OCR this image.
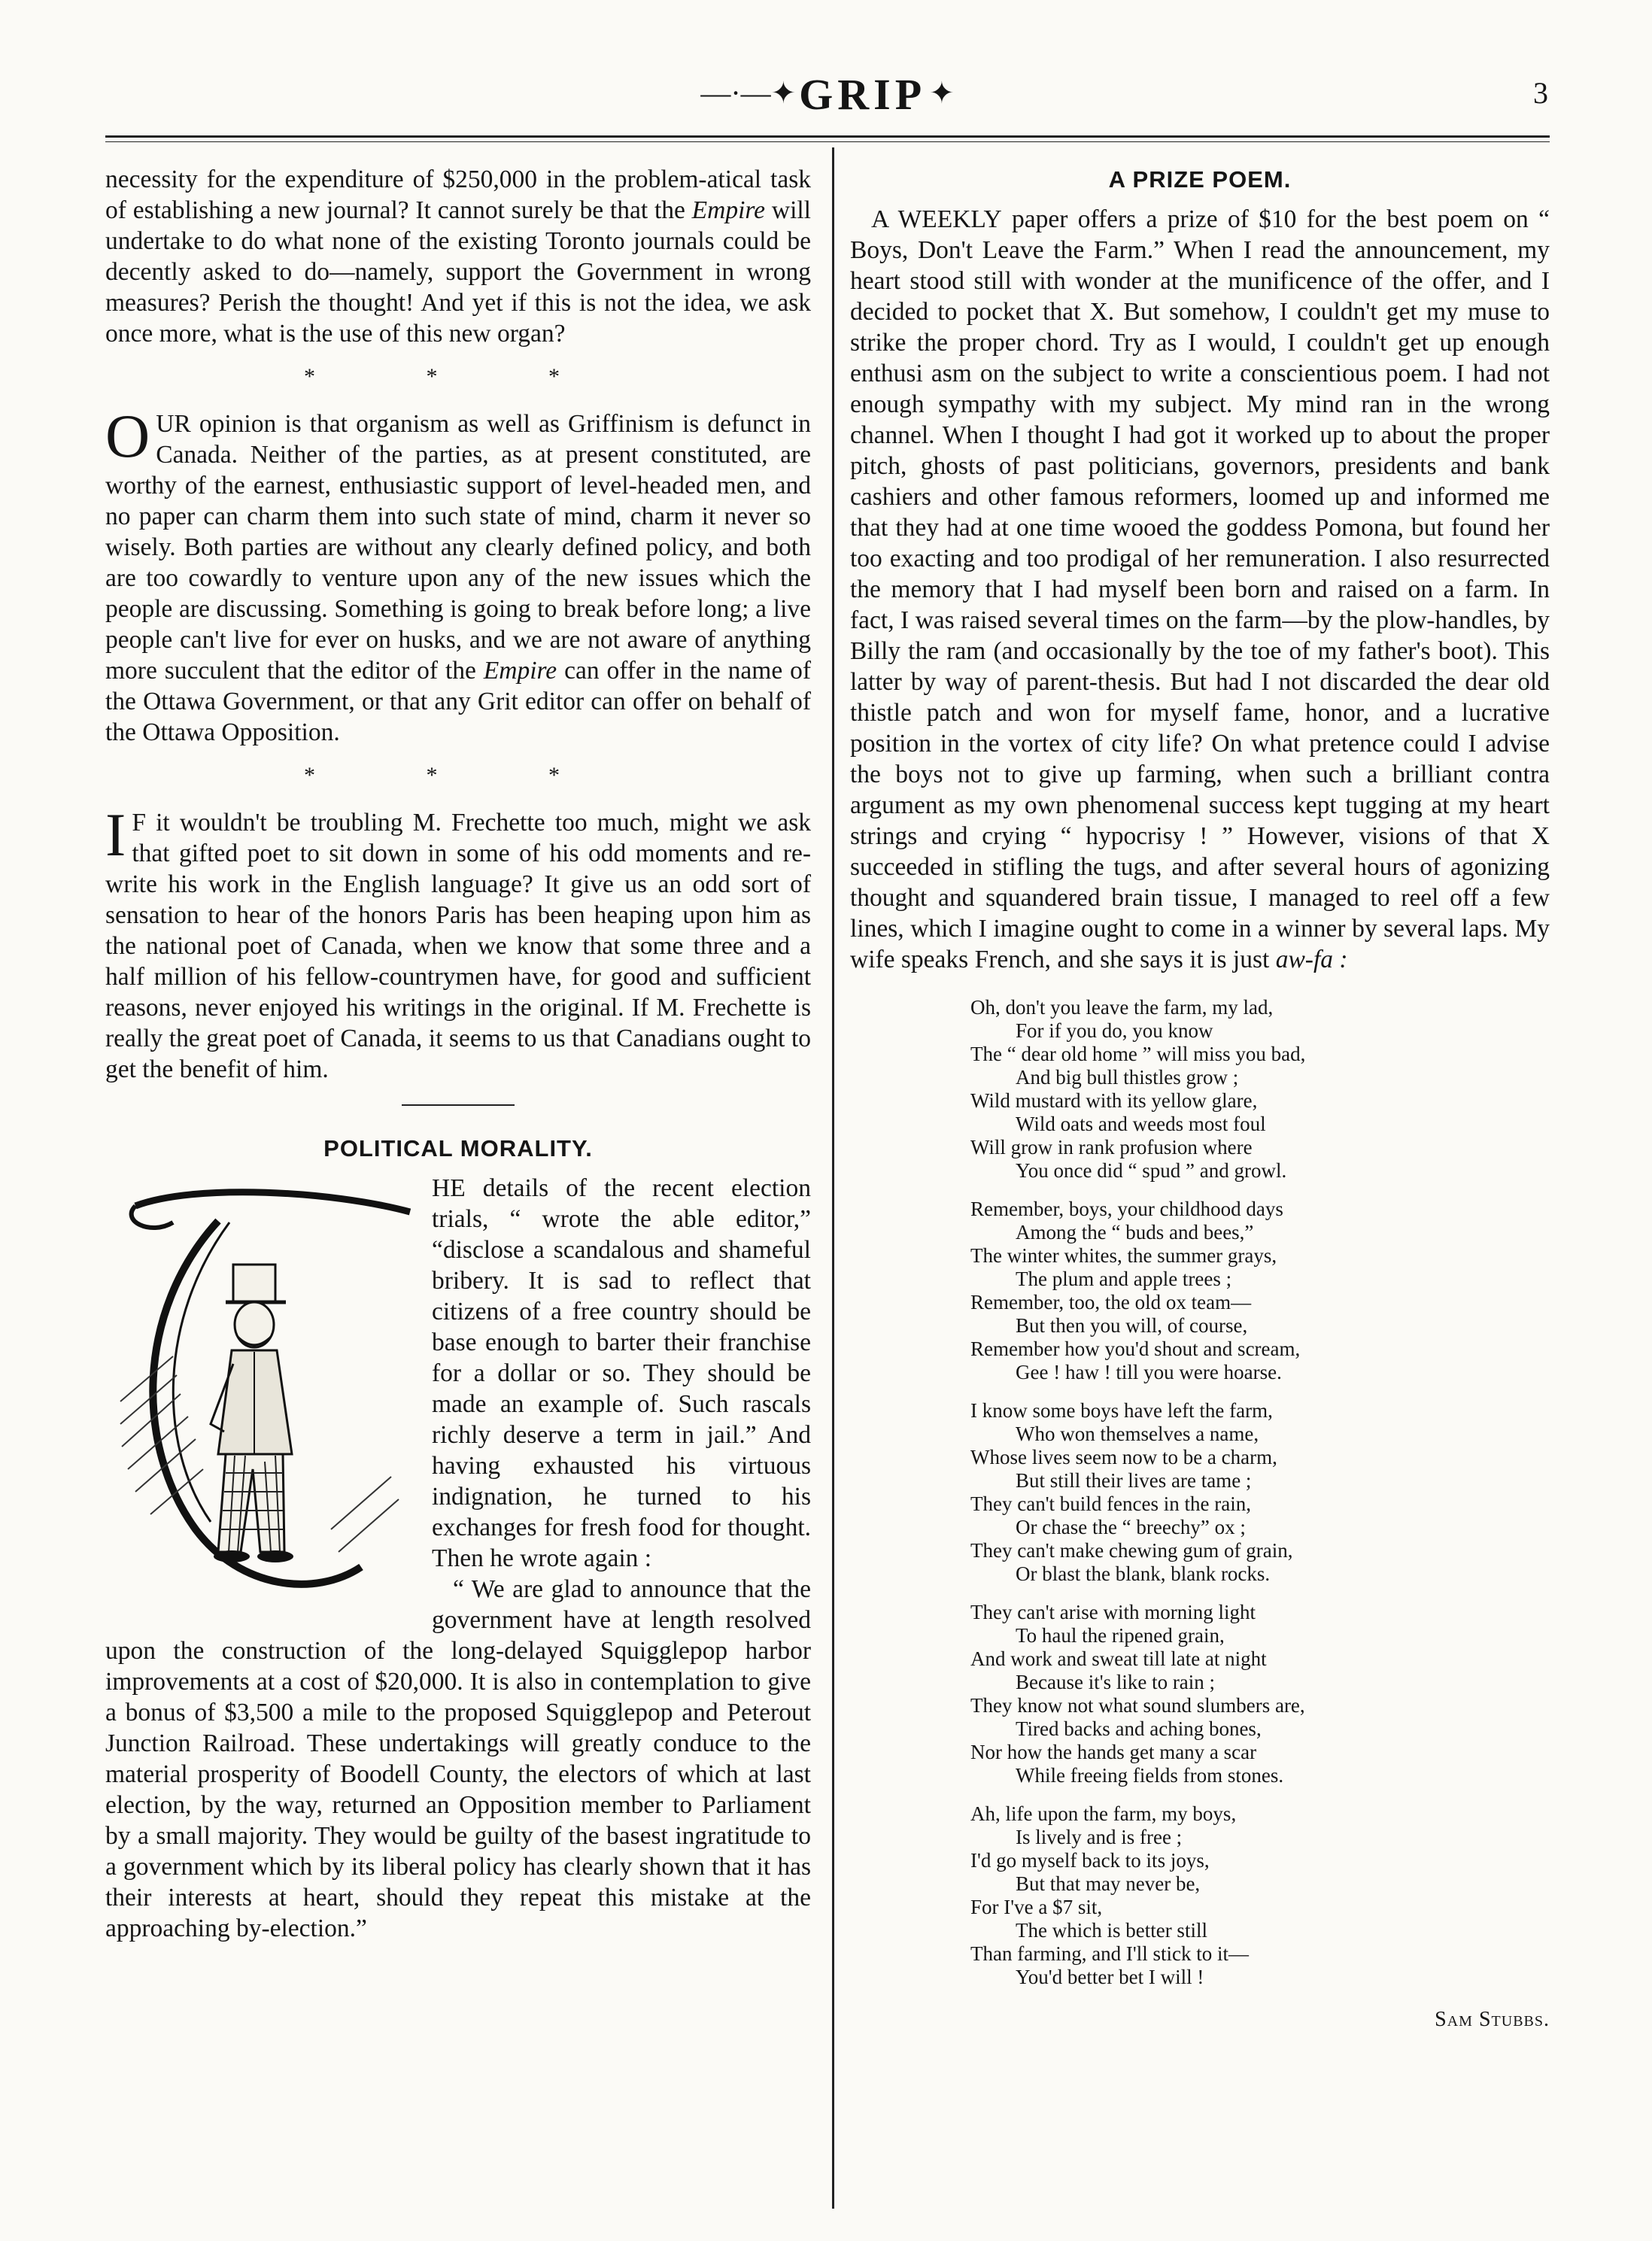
—·—✦ GRIP ✦	3

necessity for the expenditure of $250,000 in the problem-atical task of establishing a new journal? It cannot surely be that the Empire will undertake to do what none of the existing Toronto journals could be decently asked to do—namely, support the Government in wrong measures? Perish the thought! And yet if this is not the idea, we ask once more, what is the use of this new organ?

* * *

OUR opinion is that organism as well as Griffinism is defunct in Canada. Neither of the parties, as at present constituted, are worthy of the earnest, enthusiastic support of level-headed men, and no paper can charm them into such state of mind, charm it never so wisely. Both parties are without any clearly defined policy, and both are too cowardly to venture upon any of the new issues which the people are discussing. Something is going to break before long; a live people can't live for ever on husks, and we are not aware of anything more succulent that the editor of the Empire can offer in the name of the Ottawa Government, or that any Grit editor can offer on behalf of the Ottawa Opposition.

* * *

I F it wouldn't be troubling M. Frechette too much, might we ask that gifted poet to sit down in some of his odd moments and re-write his work in the English language? It give us an odd sort of sensation to hear of the honors Paris has been heaping upon him as the national poet of Canada, when we know that some three and a half million of his fellow-countrymen have, for good and sufficient reasons, never enjoyed his writings in the original. If M. Frechette is really the great poet of Canada, it seems to us that Canadians ought to get the benefit of him.

POLITICAL MORALITY.

HE details of the recent election trials, “ wrote the able editor,” “disclose a scandalous and shameful bribery. It is sad to reflect that citizens of a free country should be base enough to barter their franchise for a dollar or so. They should be made an example of. Such rascals richly deserve a term in jail.” And having exhausted his virtuous indignation, he turned to his exchanges for fresh food for thought. Then he wrote again :

“ We are glad to announce that the government have at length resolved upon the construction of the long-delayed Squigglepop harbor improvements at a cost of $20,000. It is also in contemplation to give a bonus of $3,500 a mile to the proposed Squigglepop and Peterout Junction Railroad. These undertakings will greatly conduce to the material prosperity of Boodell County, the electors of which at last election, by the way, returned an Opposition member to Parliament by a small majority. They would be guilty of the basest ingratitude to a government which by its liberal policy has clearly shown that it has their interests at heart, should they repeat this mistake at the approaching by-election.”

A PRIZE POEM.

A WEEKLY paper offers a prize of $10 for the best poem on “ Boys, Don't Leave the Farm.” When I read the announcement, my heart stood still with wonder at the munificence of the offer, and I decided to pocket that X. But somehow, I couldn't get my muse to strike the proper chord. Try as I would, I couldn't get up enough enthusi asm on the subject to write a conscientious poem. I had not enough sympathy with my subject. My mind ran in the wrong channel. When I thought I had got it worked up to about the proper pitch, ghosts of past politicians, governors, presidents and bank cashiers and other famous reformers, loomed up and informed me that they had at one time wooed the goddess Pomona, but found her too exacting and too prodigal of her remuneration. I also resurrected the memory that I had myself been born and raised on a farm. In fact, I was raised several times on the farm—by the plow-handles, by Billy the ram (and occasionally by the toe of my father's boot). This latter by way of parent-thesis. But had I not discarded the dear old thistle patch and won for myself fame, honor, and a lucrative position in the vortex of city life? On what pretence could I advise the boys not to give up farming, when such a brilliant contra argument as my own phenomenal success kept tugging at my heart strings and crying “ hypocrisy ! ” However, visions of that X succeeded in stifling the tugs, and after several hours of agonizing thought and squandered brain tissue, I managed to reel off a few lines, which I imagine ought to come in a winner by several laps. My wife speaks French, and she says it is just aw-fa :

Oh, don't you leave the farm, my lad,
For if you do, you know
The “ dear old home ” will miss you bad,
And big bull thistles grow ;
Wild mustard with its yellow glare,
Wild oats and weeds most foul
Will grow in rank profusion where
You once did “ spud ” and growl.
Remember, boys, your childhood days
Among the “ buds and bees,”
The winter whites, the summer grays,
The plum and apple trees ;
Remember, too, the old ox team—
But then you will, of course,
Remember how you'd shout and scream,
Gee ! haw ! till you were hoarse.
I know some boys have left the farm,
Who won themselves a name,
Whose lives seem now to be a charm,
But still their lives are tame ;
They can't build fences in the rain,
Or chase the “ breechy” ox ;
They can't make chewing gum of grain,
Or blast the blank, blank rocks.
They can't arise with morning light
To haul the ripened grain,
And work and sweat till late at night
Because it's like to rain ;
They know not what sound slumbers are,
Tired backs and aching bones,
Nor how the hands get many a scar
While freeing fields from stones.
Ah, life upon the farm, my boys,
Is lively and is free ;
I'd go myself back to its joys,
But that may never be,
For I've a $7 sit,
The which is better still
Than farming, and I'll stick to it—
You'd better bet I will !
Sam Stubbs.
